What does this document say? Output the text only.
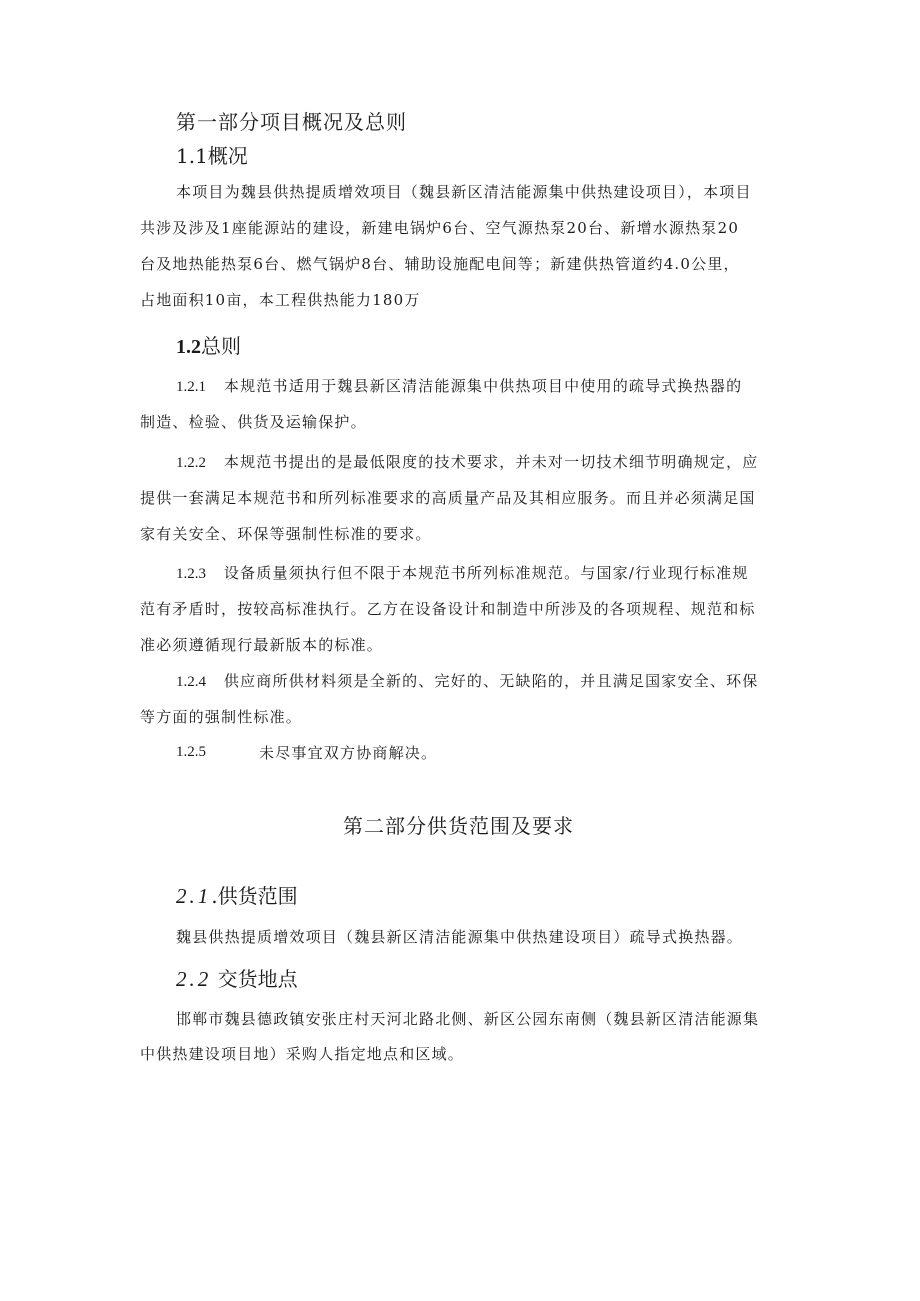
第一部分项目概况及总则
1.1概况
本项目为魏县供热提质增效项目（魏县新区清洁能源集中供热建设项目），本项目
共涉及涉及1座能源站的建设，新建电锅炉6台、空气源热泵20台、新增水源热泵20
台及地热能热泵6台、燃气锅炉8台、辅助设施配电间等；新建供热管道约4.0公里，
占地面积10亩，本工程供热能力180万
1.2总则
1.2.1 本规范书适用于魏县新区清洁能源集中供热项目中使用的疏导式换热器的
制造、检验、供货及运输保护。
1.2.2 本规范书提出的是最低限度的技术要求，并未对一切技术细节明确规定，应
提供一套满足本规范书和所列标准要求的高质量产品及其相应服务。而且并必须满足国
家有关安全、环保等强制性标准的要求。
1.2.3 设备质量须执行但不限于本规范书所列标准规范。与国家/行业现行标准规
范有矛盾时，按较高标准执行。乙方在设备设计和制造中所涉及的各项规程、规范和标
准必须遵循现行最新版本的标准。
1.2.4 供应商所供材料须是全新的、完好的、无缺陷的，并且满足国家安全、环保
等方面的强制性标准。
1.2.5	未尽事宜双方协商解决。
第二部分供货范围及要求
2.1.供货范围
魏县供热提质增效项目（魏县新区清洁能源集中供热建设项目）疏导式换热器。
2.2 交货地点
邯郸市魏县德政镇安张庄村天河北路北侧、新区公园东南侧（魏县新区清洁能源集
中供热建设项目地）采购人指定地点和区域。
